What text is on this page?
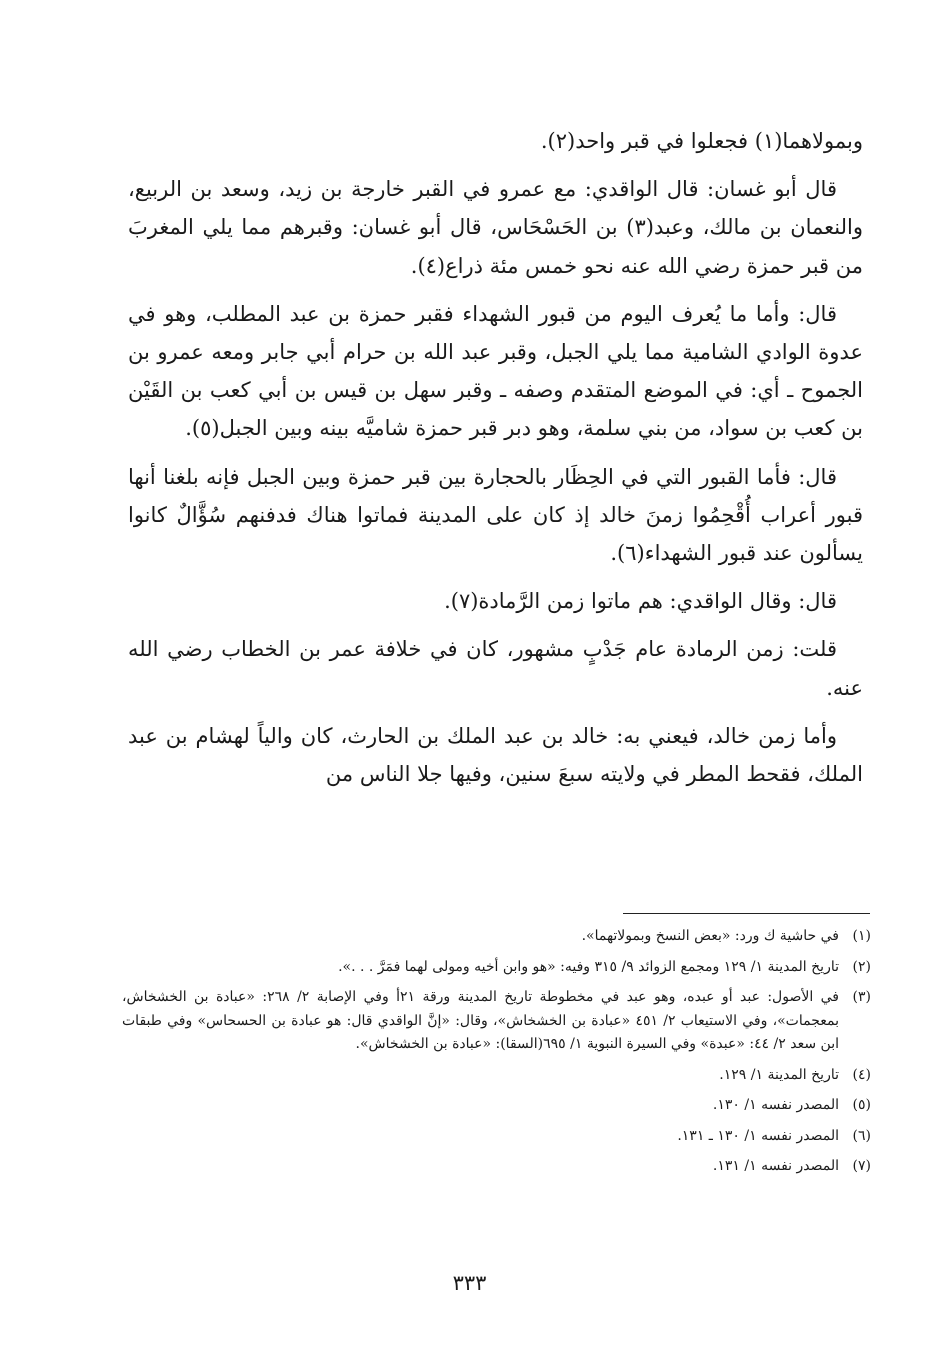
وبمولاهما(١) فجعلوا في قبر واحد(٢).

قال أبو غسان: قال الواقدي: مع عمرو في القبر خارجة بن زيد، وسعد بن الربيع، والنعمان بن مالك، وعبد(٣) بن الحَسْحَاس، قال أبو غسان: وقبرهم مما يلي المغربَ من قبر حمزة رضي الله عنه نحو خمس مئة ذراع(٤).

قال: وأما ما يُعرف اليوم من قبور الشهداء فقبر حمزة بن عبد المطلب، وهو في عدوة الوادي الشامية مما يلي الجبل، وقبر عبد الله بن حرام أبي جابر ومعه عمرو بن الجموح ـ أي: في الموضع المتقدم وصفه ـ وقبر سهل بن قيس بن أبي كعب بن القَيْن بن كعب بن سواد، من بني سلمة، وهو دبر قبر حمزة شاميَّه بينه وبين الجبل(٥).

قال: فأما القبور التي في الحِظَار بالحجارة بين قبر حمزة وبين الجبل فإنه بلغنا أنها قبور أعراب أُقْحِمُوا زمنَ خالد إذ كان على المدينة فماتوا هناك فدفنهم سُؤَّالٌ كانوا يسألون عند قبور الشهداء(٦).

قال: وقال الواقدي: هم ماتوا زمن الرَّمادة(٧).

قلت: زمن الرمادة عام جَدْبٍ مشهور، كان في خلافة عمر بن الخطاب رضي الله عنه.

وأما زمن خالد، فيعني به: خالد بن عبد الملك بن الحارث، كان والياً لهشام بن عبد الملك، فقحط المطر في ولايته سبعَ سنين، وفيها جلا الناس من

(١)
في حاشية ك ورد: «بعض النسخ وبمولاتهما».
(٢)
تاريخ المدينة ١/ ١٢٩ ومجمع الزوائد ٩/ ٣١٥ وفيه: «هو وابن أخيه ومولى لهما فمَرَّ . . .».
(٣)
في الأصول: عبد أو عبده، وهو عبد في مخطوطة تاريخ المدينة ورقة ٢١أ وفي الإصابة ٢/ ٢٦٨: «عبادة بن الخشخاش، بمعجمات»، وفي الاستيعاب ٢/ ٤٥١ «عبادة بن الخشخاش»، وقال: «إنَّ الواقدي قال: هو عبادة بن الحسحاس» وفي طبقات ابن سعد ٢/ ٤٤: «عبدة» وفي السيرة النبوية ١/ ٦٩٥(السقا): «عبادة بن الخشخاش».
(٤)
تاريخ المدينة ١/ ١٢٩.
(٥)
المصدر نفسه ١/ ١٣٠.
(٦)
المصدر نفسه ١/ ١٣٠ ـ ١٣١.
(٧)
المصدر نفسه ١/ ١٣١.
٣٣٣
